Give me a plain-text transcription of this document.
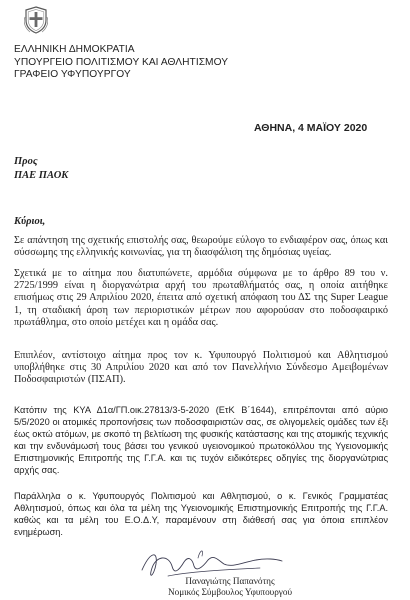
ΕΛΛΗΝΙΚΗ ΔΗΜΟΚΡΑΤΙΑ
ΥΠΟΥΡΓΕΙΟ ΠΟΛΙΤΙΣΜΟΥ ΚΑΙ ΑΘΛΗΤΙΣΜΟΥ
ΓΡΑΦΕΙΟ ΥΦΥΠΟΥΡΓΟΥ
ΑΘΗΝΑ, 4 ΜΑΪΟΥ 2020
Προς
ΠΑΕ ΠΑΟΚ
Κύριοι,
Σε απάντηση της σχετικής επιστολής σας, θεωρούμε εύλογο το ενδιαφέρον σας, όπως και σύσσωμης της ελληνικής κοινωνίας, για τη διασφάλιση της δημόσιας υγείας.
Σχετικά με το αίτημα που διατυπώνετε, αρμόδια σύμφωνα με το άρθρο 89 του ν. 2725/1999 είναι η διοργανώτρια αρχή του πρωταθλήματός σας, η οποία αιτήθηκε επισήμως στις 29 Απριλίου 2020, έπειτα από σχετική απόφαση του ΔΣ της Super League 1, τη σταδιακή άρση των περιοριστικών μέτρων που αφορούσαν στο ποδοσφαιρικό πρωτάθλημα, στο οποίο μετέχει και η ομάδα σας.
Επιπλέον, αντίστοιχο αίτημα προς τον κ. Υφυπουργό Πολιτισμού και Αθλητισμού υποβλήθηκε στις 30 Απριλίου 2020 και από τον Πανελλήνιο Σύνδεσμο Αμειβομένων Ποδοσφαιριστών (ΠΣΑΠ).
Κατόπιν της ΚΥΑ Δ1α/ΓΠ.οικ.27813/3-5-2020 (ΕτΚ Β΄1644), επιτρέπονται από αύριο 5/5/2020 οι ατομικές προπονήσεις των ποδοσφαιριστών σας, σε ολιγομελείς ομάδες των έξι έως οκτώ ατόμων, με σκοπό τη βελτίωση της φυσικής κατάστασης και της ατομικής τεχνικής και την ενδυνάμωσή τους βάσει του γενικού υγειονομικού πρωτοκόλλου της Υγειονομικής Επιστημονικής Επιτροπής της Γ.Γ.Α. και τις τυχόν ειδικότερες οδηγίες της διοργανώτριας αρχής σας.
Παράλληλα ο κ. Υφυπουργός Πολιτισμού και Αθλητισμού, ο κ. Γενικός Γραμματέας Αθλητισμού, όπως και όλα τα μέλη της Υγειονομικής Επιστημονικής Επιτροπής της Γ.Γ.Α. καθώς και τα μέλη του Ε.Ο.Δ.Υ, παραμένουν στη διάθεσή σας για όποια επιπλέον ενημέρωση.
Παναγιώτης Παπανότης
Νομικός Σύμβουλος Υφυπουργού
